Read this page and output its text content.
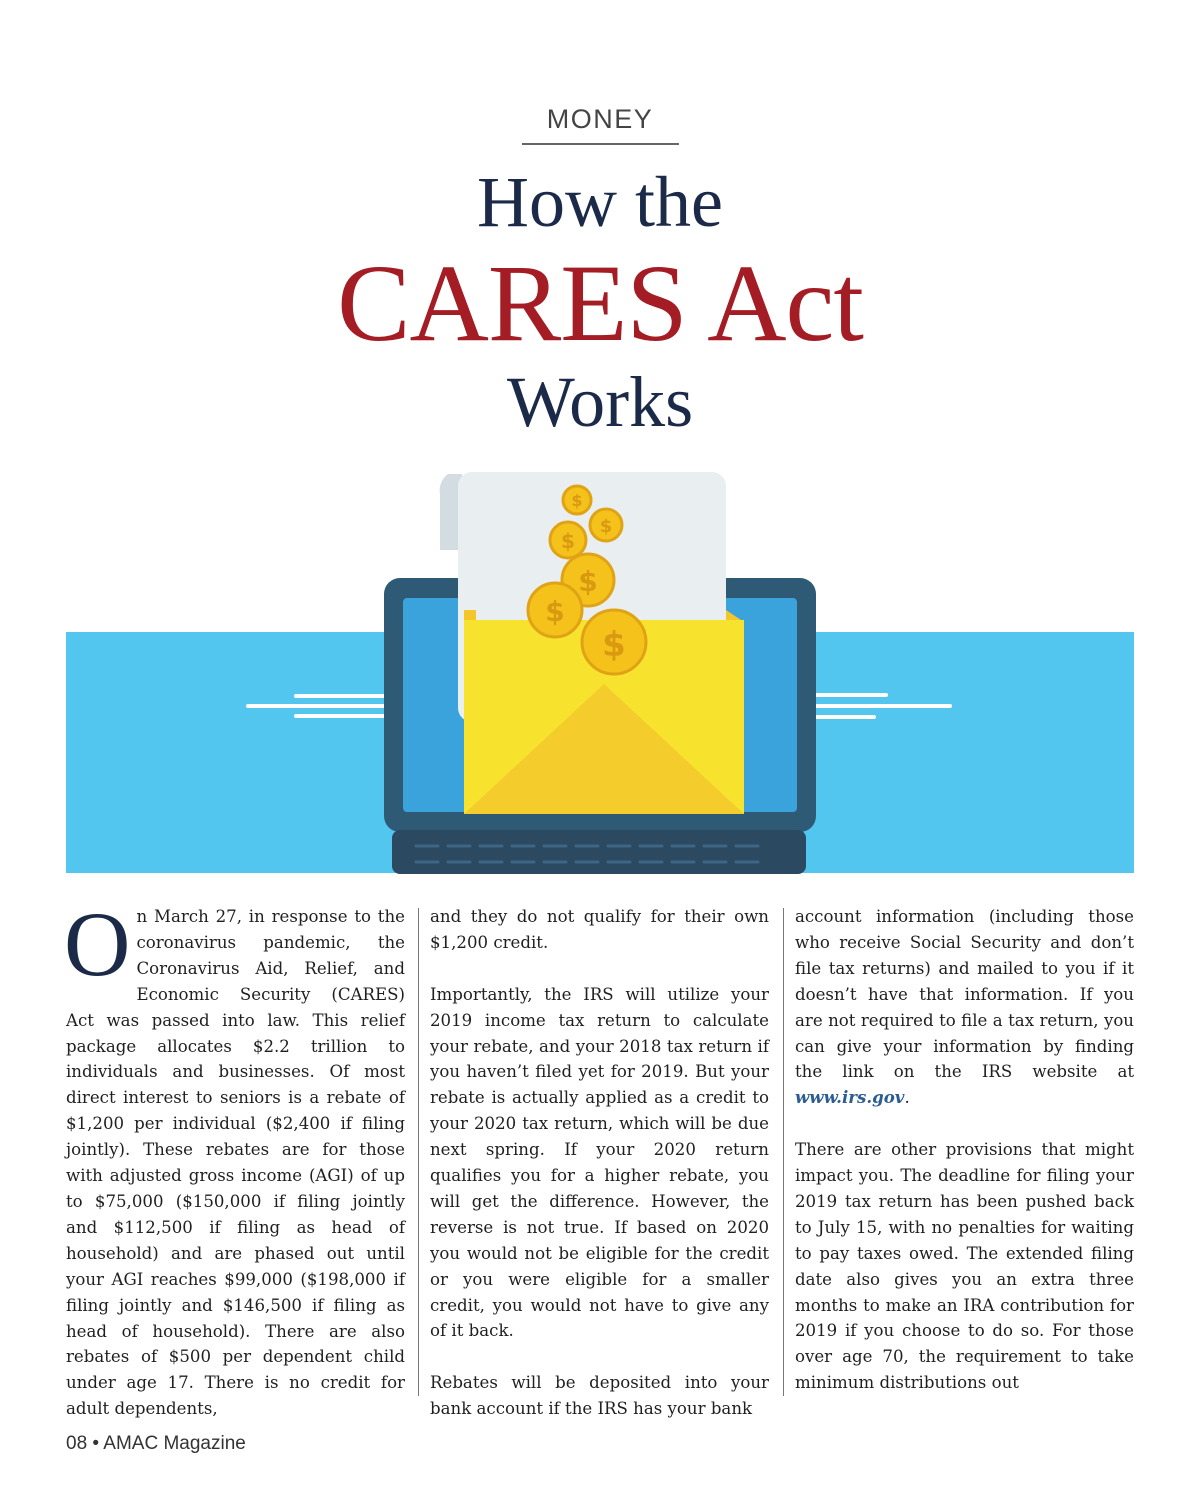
MONEY
How the
CARES Act
Works
$
$
$
$
$
$

On March 27, in response to the coronavirus pandemic, the Coronavirus Aid, Relief, and Economic Security (CARES) Act was passed into law. This relief package allocates $2.2 trillion to individuals and businesses. Of most direct interest to seniors is a rebate of $1,200 per individual ($2,400 if filing jointly). These rebates are for those with adjusted gross income (AGI) of up to $75,000 ($150,000 if filing jointly and $112,500 if filing as head of household) and are phased out until your AGI reaches $99,000 ($198,000 if filing jointly and $146,500 if filing as head of household). There are also rebates of $500 per dependent child under age 17. There is no credit for adult dependents,

and they do not qualify for their own $1,200 credit.

Importantly, the IRS will utilize your 2019 income tax return to calculate your rebate, and your 2018 tax return if you haven’t filed yet for 2019. But your rebate is actually applied as a credit to your 2020 tax return, which will be due next spring. If your 2020 return qualifies you for a higher rebate, you will get the difference. However, the reverse is not true. If based on 2020 you would not be eligible for the credit or you were eligible for a smaller credit, you would not have to give any of it back.

Rebates will be deposited into your bank account if the IRS has your bank

account information (including those who receive Social Security and don’t file tax returns) and mailed to you if it doesn’t have that information. If you are not required to file a tax return, you can give your information by finding the link on the IRS website at www.irs.gov.

There are other provisions that might impact you. The deadline for filing your 2019 tax return has been pushed back to July 15, with no penalties for waiting to pay taxes owed. The extended filing date also gives you an extra three months to make an IRA contribution for 2019 if you choose to do so. For those over age 70, the requirement to take minimum distributions out

08 • AMAC Magazine
